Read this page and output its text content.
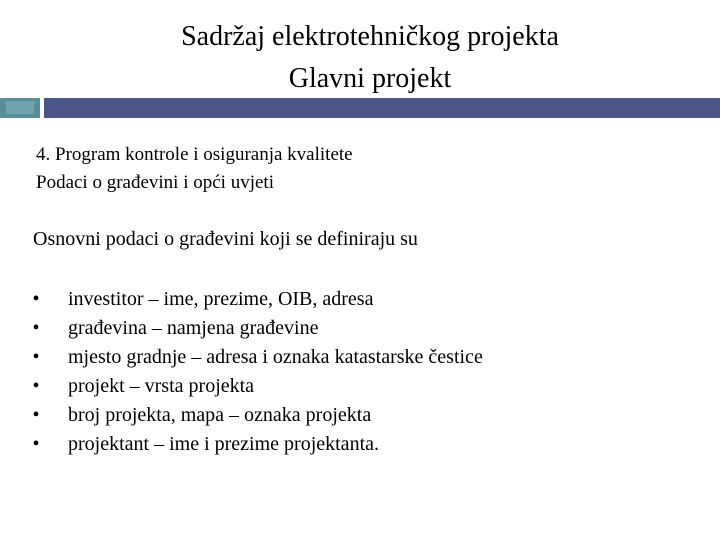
Sadržaj elektrotehničkog projekta
Glavni projekt
4. Program kontrole i osiguranja kvalitete
Podaci o građevini i opći uvjeti
Osnovni podaci o građevini koji se definiraju su
• investitor – ime, prezime, OIB, adresa
• građevina – namjena građevine
• mjesto gradnje – adresa i oznaka katastarske čestice
• projekt – vrsta projekta
• broj projekta, mapa – oznaka projekta
• projektant – ime i prezime projektanta.
